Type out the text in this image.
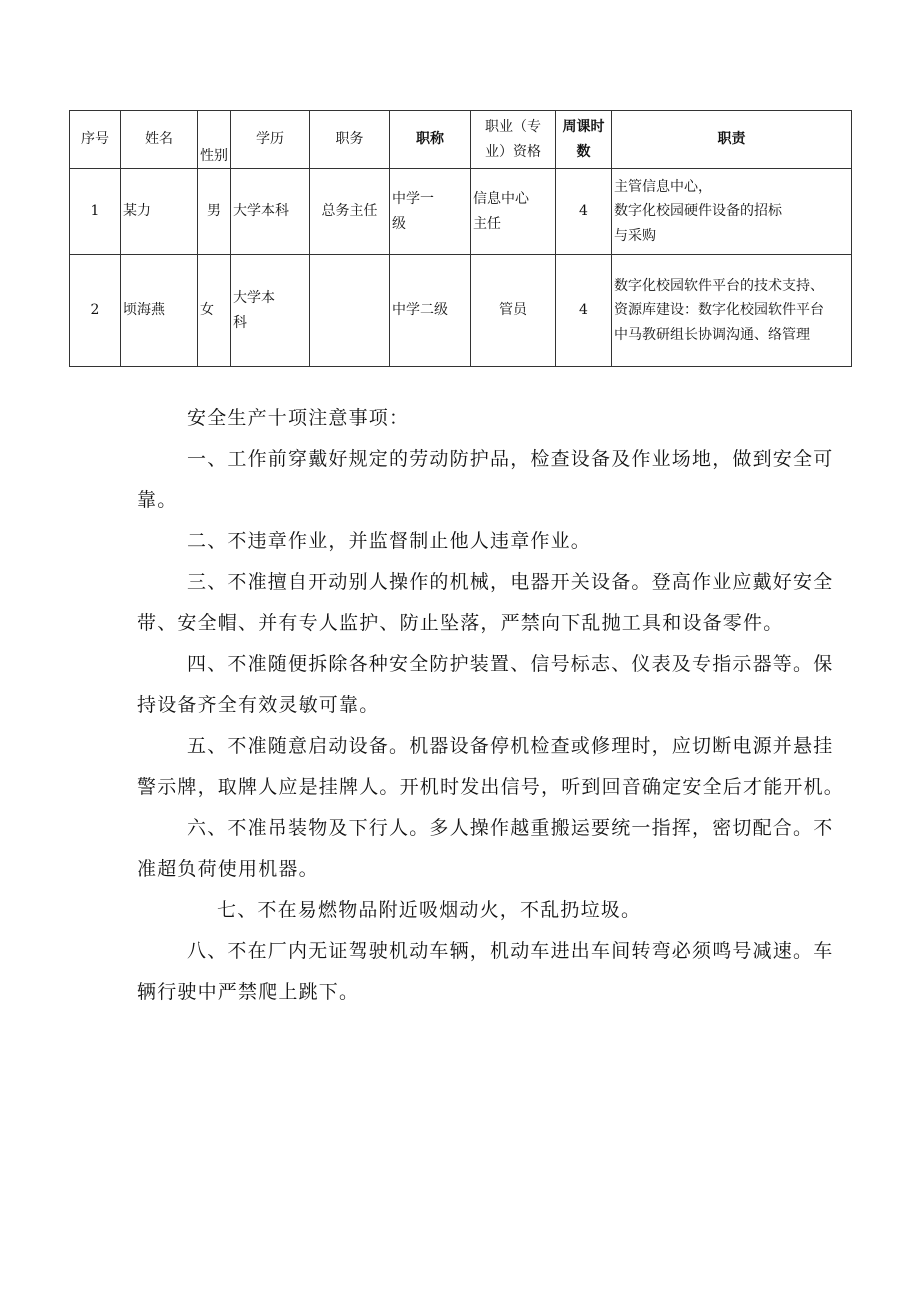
序号	姓名	性别	学历	职务	职称	职业（专
业）资格	周课时
数	职责
1	某力	男	大学本科	总务主任	中学一
级	信息中心
主任	4	主管信息中心，
数字化校园硬件设备的招标
与采购
2	顷海燕	女	大学本
科		中学二级	管员	4	数字化校园软件平台的技术支持、
资源库建设：数字化校园软件平台
中马教研组长协调沟通、络管理

安全生产十项注意事项：

一、工作前穿戴好规定的劳动防护品，检查设备及作业场地，做到安全可靠。

二、不违章作业，并监督制止他人违章作业。

三、不准擅自开动别人操作的机械，电器开关设备。登高作业应戴好安全带、安全帽、并有专人监护、防止坠落，严禁向下乱抛工具和设备零件。

四、不准随便拆除各种安全防护装置、信号标志、仪表及专指示器等。保持设备齐全有效灵敏可靠。

五、不准随意启动设备。机器设备停机检查或修理时，应切断电源并悬挂警示牌，取牌人应是挂牌人。开机时发出信号，听到回音确定安全后才能开机。

六、不准吊装物及下行人。多人操作越重搬运要统一指挥，密切配合。不准超负荷使用机器。

七、不在易燃物品附近吸烟动火，不乱扔垃圾。

八、不在厂内无证驾驶机动车辆，机动车进出车间转弯必须鸣号减速。车辆行驶中严禁爬上跳下。
